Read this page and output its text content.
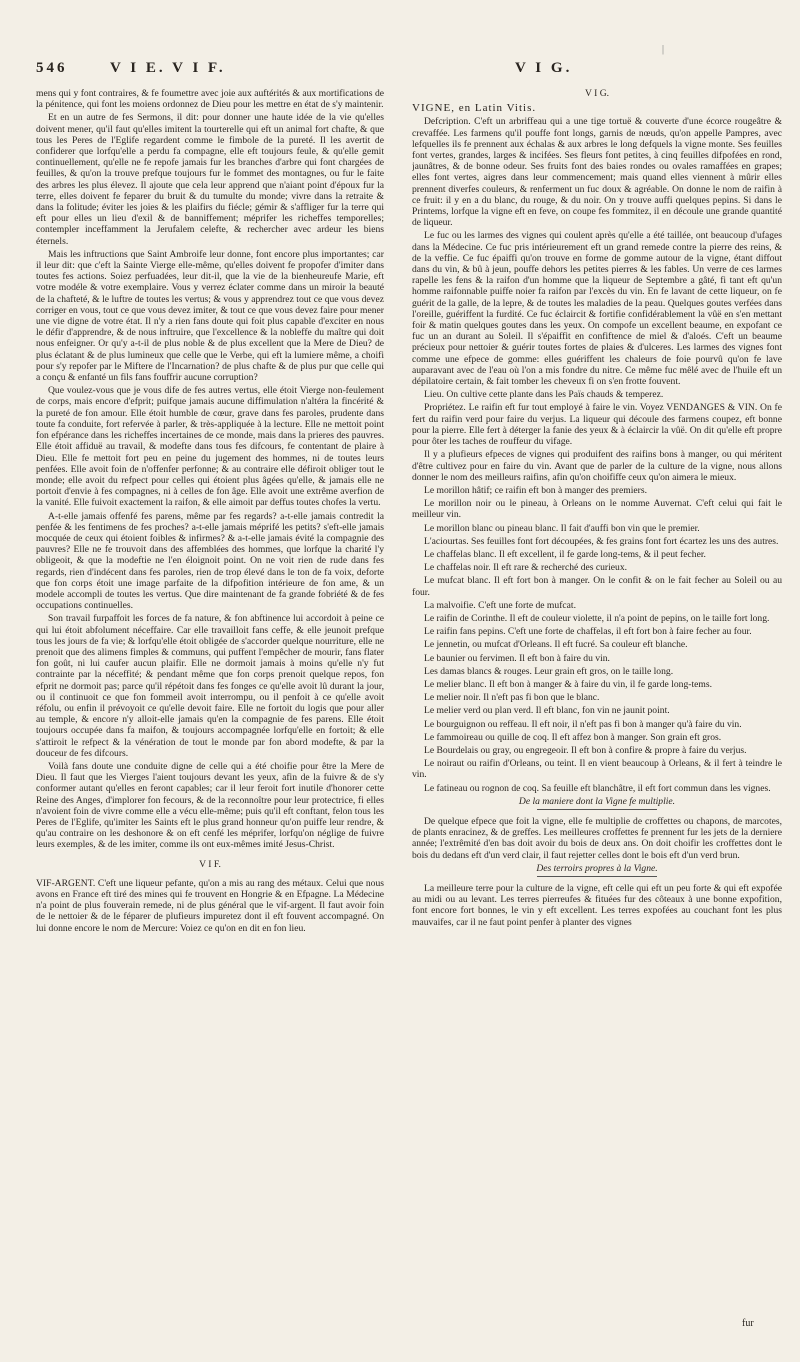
546	V I E. V I F.	V I G.
|

mens qui y font contraires, & fe foumettre avec joie aux auftérités & aux mortifications de la pénitence, qui font les moiens ordonnez de Dieu pour les mettre en état de s'y maintenir.

Et en un autre de fes Sermons, il dit: pour donner une haute idée de la vie qu'elles doivent mener, qu'il faut qu'elles imitent la tourterelle qui eft un animal fort chafte, & que tous les Peres de l'Eglife regardent comme le fimbole de la pureté. Il les avertit de confiderer que lorfqu'elle a perdu fa compagne, elle eft toujours feule, & qu'elle gemit continuellement, qu'elle ne fe repofe jamais fur les branches d'arbre qui font chargées de feuilles, & qu'on la trouve prefque toujours fur le fommet des montagnes, ou fur le faite des arbres les plus élevez. Il ajoute que cela leur apprend que n'aiant point d'époux fur la terre, elles doivent fe feparer du bruit & du tumulte du monde; vivre dans la retraite & dans la folitude; éviter les joies & les plaifirs du fiécle; gémir & s'affliger fur la terre qui eft pour elles un lieu d'exil & de banniffement; méprifer les richeffes temporelles; contempler inceffamment la Jerufalem celefte, & rechercher avec ardeur les biens éternels.

Mais les inftructions que Saint Ambroife leur donne, font encore plus importantes; car il leur dit: que c'eft la Sainte Vierge elle-même, qu'elles doivent fe propofer d'imiter dans toutes fes actions. Soiez perfuadées, leur dit-il, que la vie de la bienheureufe Marie, eft votre modéle & votre exemplaire. Vous y verrez éclater comme dans un miroir la beauté de la chafteté, & le luftre de toutes les vertus; & vous y apprendrez tout ce que vous devez corriger en vous, tout ce que vous devez imiter, & tout ce que vous devez faire pour mener une vie digne de votre état. Il n'y a rien fans doute qui foit plus capable d'exciter en nous le défir d'apprendre, & de nous inftruire, que l'excellence & la nobleffe du maître qui doit nous enfeigner. Or qu'y a-t-il de plus noble & de plus excellent que la Mere de Dieu? de plus éclatant & de plus lumineux que celle que le Verbe, qui eft la lumiere même, a choifi pour s'y repofer par le Miftere de l'Incarnation? de plus chafte & de plus pur que celle qui a conçu & enfanté un fils fans fouffrir aucune corruption?

Que voulez-vous que je vous dife de fes autres vertus, elle étoit Vierge non-feulement de corps, mais encore d'efprit; puifque jamais aucune diffimulation n'altéra la fincérité & la pureté de fon amour. Elle étoit humble de cœur, grave dans fes paroles, prudente dans toute fa conduite, fort refervée à parler, & très-appliquée à la lecture. Elle ne mettoit point fon efpérance dans les richeffes incertaines de ce monde, mais dans la prieres des pauvres. Elle étoit affiduë au travail, & modefte dans tous fes difcours, fe contentant de plaire à Dieu. Elle fe mettoit fort peu en peine du jugement des hommes, ni de toutes leurs penfées. Elle avoit foin de n'offenfer perfonne; & au contraire elle défiroit obliger tout le monde; elle avoit du refpect pour celles qui étoient plus âgées qu'elle, & jamais elle ne portoit d'envie à fes compagnes, ni à celles de fon âge. Elle avoit une extrême averfion de la vanité. Elle fuivoit exactement la raifon, & elle aimoit par deffus toutes chofes la vertu.

A-t-elle jamais offenfé fes parens, même par fes regards? a-t-elle jamais contredit la penfée & les fentimens de fes proches? a-t-elle jamais méprifé les petits? s'eft-elle jamais mocquée de ceux qui étoient foibles & infirmes? & a-t-elle jamais évité la compagnie des pauvres? Elle ne fe trouvoit dans des affemblées des hommes, que lorfque la charité l'y obligeoit, & que la modeftie ne l'en éloignoit point. On ne voit rien de rude dans fes regards, rien d'indécent dans fes paroles, rien de trop élevé dans le ton de fa voix, deforte que fon corps étoit une image parfaite de la difpofition intérieure de fon ame, & un modele accompli de toutes les vertus. Que dire maintenant de fa grande fobriété & de fes occupations continuelles.

Son travail furpaffoit les forces de fa nature, & fon abftinence lui accordoit à peine ce qui lui étoit abfolument néceffaire. Car elle travailloit fans ceffe, & elle jeunoit prefque tous les jours de fa vie; & lorfqu'elle étoit obligée de s'accorder quelque nourriture, elle ne prenoit que des alimens fimples & communs, qui puffent l'empêcher de mourir, fans flater fon goût, ni lui caufer aucun plaifir. Elle ne dormoit jamais à moins qu'elle n'y fut contrainte par la néceffité; & pendant même que fon corps prenoit quelque repos, fon efprit ne dormoit pas; parce qu'il répétoit dans fes fonges ce qu'elle avoit lû durant la jour, ou il continuoit ce que fon fommeil avoit interrompu, ou il penfoit à ce qu'elle avoit réfolu, ou enfin il prévoyoit ce qu'elle devoit faire. Elle ne fortoit du logis que pour aller au temple, & encore n'y alloit-elle jamais qu'en la compagnie de fes parens. Elle étoit toujours occupée dans fa maifon, & toujours accompagnée lorfqu'elle en fortoit; & elle s'attiroit le refpect & la vénération de tout le monde par fon abord modefte, & par la douceur de fes difcours.

Voilà fans doute une conduite digne de celle qui a été choifie pour être la Mere de Dieu. Il faut que les Vierges l'aient toujours devant les yeux, afin de la fuivre & de s'y conformer autant qu'elles en feront capables; car il leur feroit fort inutile d'honorer cette Reine des Anges, d'implorer fon fecours, & de la reconnoître pour leur protectrice, fi elles n'avoient foin de vivre comme elle a vécu elle-même; puis qu'il eft conftant, felon tous les Peres de l'Eglife, qu'imiter les Saints eft le plus grand honneur qu'on puiffe leur rendre, & qu'au contraire on les deshonore & on eft cenfé les méprifer, lorfqu'on néglige de fuivre leurs exemples, & de les imiter, comme ils ont eux-mêmes imité Jesus-Christ.

V I F.

VIF-ARGENT. C'eft une liqueur pefante, qu'on a mis au rang des métaux. Celui que nous avons en France eft tiré des mines qui fe trouvent en Hongrie & en Efpagne. La Médecine n'a point de plus fouverain remede, ni de plus général que le vif-argent. Il faut avoir foin de le nettoier & de le féparer de plufieurs impuretez dont il eft fouvent accompagné. On lui donne encore le nom de Mercure: Voiez ce qu'on en dit en fon lieu.

V I G.

VIGNE, en Latin Vitis.

Defcription. C'eft un arbriffeau qui a une tige tortuë & couverte d'une écorce rougeâtre & crevaffée. Les farmens qu'il pouffe font longs, garnis de nœuds, qu'on appelle Pampres, avec lefquelles ils fe prennent aux échalas & aux arbres le long defquels la vigne monte. Ses feuilles font vertes, grandes, larges & incifées. Ses fleurs font petites, à cinq feuilles difpofées en rond, jaunâtres, & de bonne odeur. Ses fruits font des baies rondes ou ovales ramaffées en grapes; elles font vertes, aigres dans leur commencement; mais quand elles viennent à mûrir elles prennent diverfes couleurs, & renferment un fuc doux & agréable. On donne le nom de raifin à ce fruit: il y en a du blanc, du rouge, & du noir. On y trouve auffi quelques pepins. Si dans le Printems, lorfque la vigne eft en feve, on coupe fes fommitez, il en découle une grande quantité de liqueur.

Le fuc ou les larmes des vignes qui coulent après qu'elle a été taillée, ont beaucoup d'ufages dans la Médecine. Ce fuc pris intérieurement eft un grand remede contre la pierre des reins, & de la veffie. Ce fuc épaiffi qu'on trouve en forme de gomme autour de la vigne, étant diffout dans du vin, & bû à jeun, pouffe dehors les petites pierres & les fables. Un verre de ces larmes rapelle les fens & la raifon d'un homme que la liqueur de Septembre a gâté, fi tant eft qu'un homme raifonnable puiffe noier fa raifon par l'excès du vin. En fe lavant de cette liqueur, on fe guérit de la galle, de la lepre, & de toutes les maladies de la peau. Quelques goutes verfées dans l'oreille, guériffent la furdité. Ce fuc éclaircit & fortifie confidérablement la vûë en s'en mettant foir & matin quelques goutes dans les yeux. On compofe un excellent beaume, en expofant ce fuc un an durant au Soleil. Il s'épaiffit en confiftence de miel & d'aloés. C'eft un beaume précieux pour nettoier & guérir toutes fortes de plaies & d'ulceres. Les larmes des vignes font comme une efpece de gomme: elles guériffent les chaleurs de foie pourvû qu'on fe lave auparavant avec de l'eau où l'on a mis fondre du nitre. Ce même fuc mêlé avec de l'huile eft un dépilatoire certain, & fait tomber les cheveux fi on s'en frotte fouvent.

Lieu. On cultive cette plante dans les Païs chauds & temperez.

Propriétez. Le raifin eft fur tout employé à faire le vin. Voyez VENDANGES & VIN. On fe fert du raifin verd pour faire du verjus. La liqueur qui découle des farmens coupez, eft bonne pour la pierre. Elle fert à déterger la fanie des yeux & à éclaircir la vûë. On dit qu'elle eft propre pour ôter les taches de rouffeur du vifage.

Il y a plufieurs efpeces de vignes qui produifent des raifins bons à manger, ou qui méritent d'être cultivez pour en faire du vin. Avant que de parler de la culture de la vigne, nous allons donner le nom des meilleurs raifins, afin qu'on choififfe ceux qu'on aimera le mieux.

Le morillon hâtif; ce raifin eft bon à manger des premiers.

Le morillon noir ou le pineau, à Orleans on le nomme Auvernat. C'eft celui qui fait le meilleur vin.

Le morillon blanc ou pineau blanc. Il fait d'auffi bon vin que le premier.

L'aciourtas. Ses feuilles font fort découpées, & fes grains font fort écartez les uns des autres.

Le chaffelas blanc. Il eft excellent, il fe garde long-tems, & il peut fecher.

Le chaffelas noir. Il eft rare & recherché des curieux.

Le mufcat blanc. Il eft fort bon à manger. On le confit & on le fait fecher au Soleil ou au four.

La malvoifie. C'eft une forte de mufcat.

Le raifin de Corinthe. Il eft de couleur violette, il n'a point de pepins, on le taille fort long.

Le raifin fans pepins. C'eft une forte de chaffelas, il eft fort bon à faire fecher au four.

Le jennetin, ou mufcat d'Orleans. Il eft fucré. Sa couleur eft blanche.

Le baunier ou fervimen. Il eft bon à faire du vin.

Les damas blancs & rouges. Leur grain eft gros, on le taille long.

Le melier blanc. Il eft bon à manger & à faire du vin, il fe garde long-tems.

Le melier noir. Il n'eft pas fi bon que le blanc.

Le melier verd ou plan verd. Il eft blanc, fon vin ne jaunit point.

Le bourguignon ou reffeau. Il eft noir, il n'eft pas fi bon à manger qu'à faire du vin.

Le fammoireau ou quille de coq. Il eft affez bon à manger. Son grain eft gros.

Le Bourdelais ou gray, ou engregeoir. Il eft bon à confire & propre à faire du verjus.

Le noiraut ou raifin d'Orleans, ou teint. Il en vient beaucoup à Orleans, & il fert à teindre le vin.

Le fatineau ou rognon de coq. Sa feuille eft blanchâtre, il eft fort commun dans les vignes.

De la maniere dont la Vigne fe multiplie.

De quelque efpece que foit la vigne, elle fe multiplie de croffettes ou chapons, de marcotes, de plants enracinez, & de greffes. Les meilleures croffettes fe prennent fur les jets de la derniere année; l'extrêmité d'en bas doit avoir du bois de deux ans. On doit choifir les croffettes dont le bois du dedans eft d'un verd clair, il faut rejetter celles dont le bois eft d'un verd brun.

Des terroirs propres à la Vigne.

La meilleure terre pour la culture de la vigne, eft celle qui eft un peu forte & qui eft expofée au midi ou au levant. Les terres pierreufes & fituées fur des côteaux à une bonne expofition, font encore fort bonnes, le vin y eft excellent. Les terres expofées au couchant font les plus mauvaifes, car il ne faut point penfer à planter des vignes

fur
